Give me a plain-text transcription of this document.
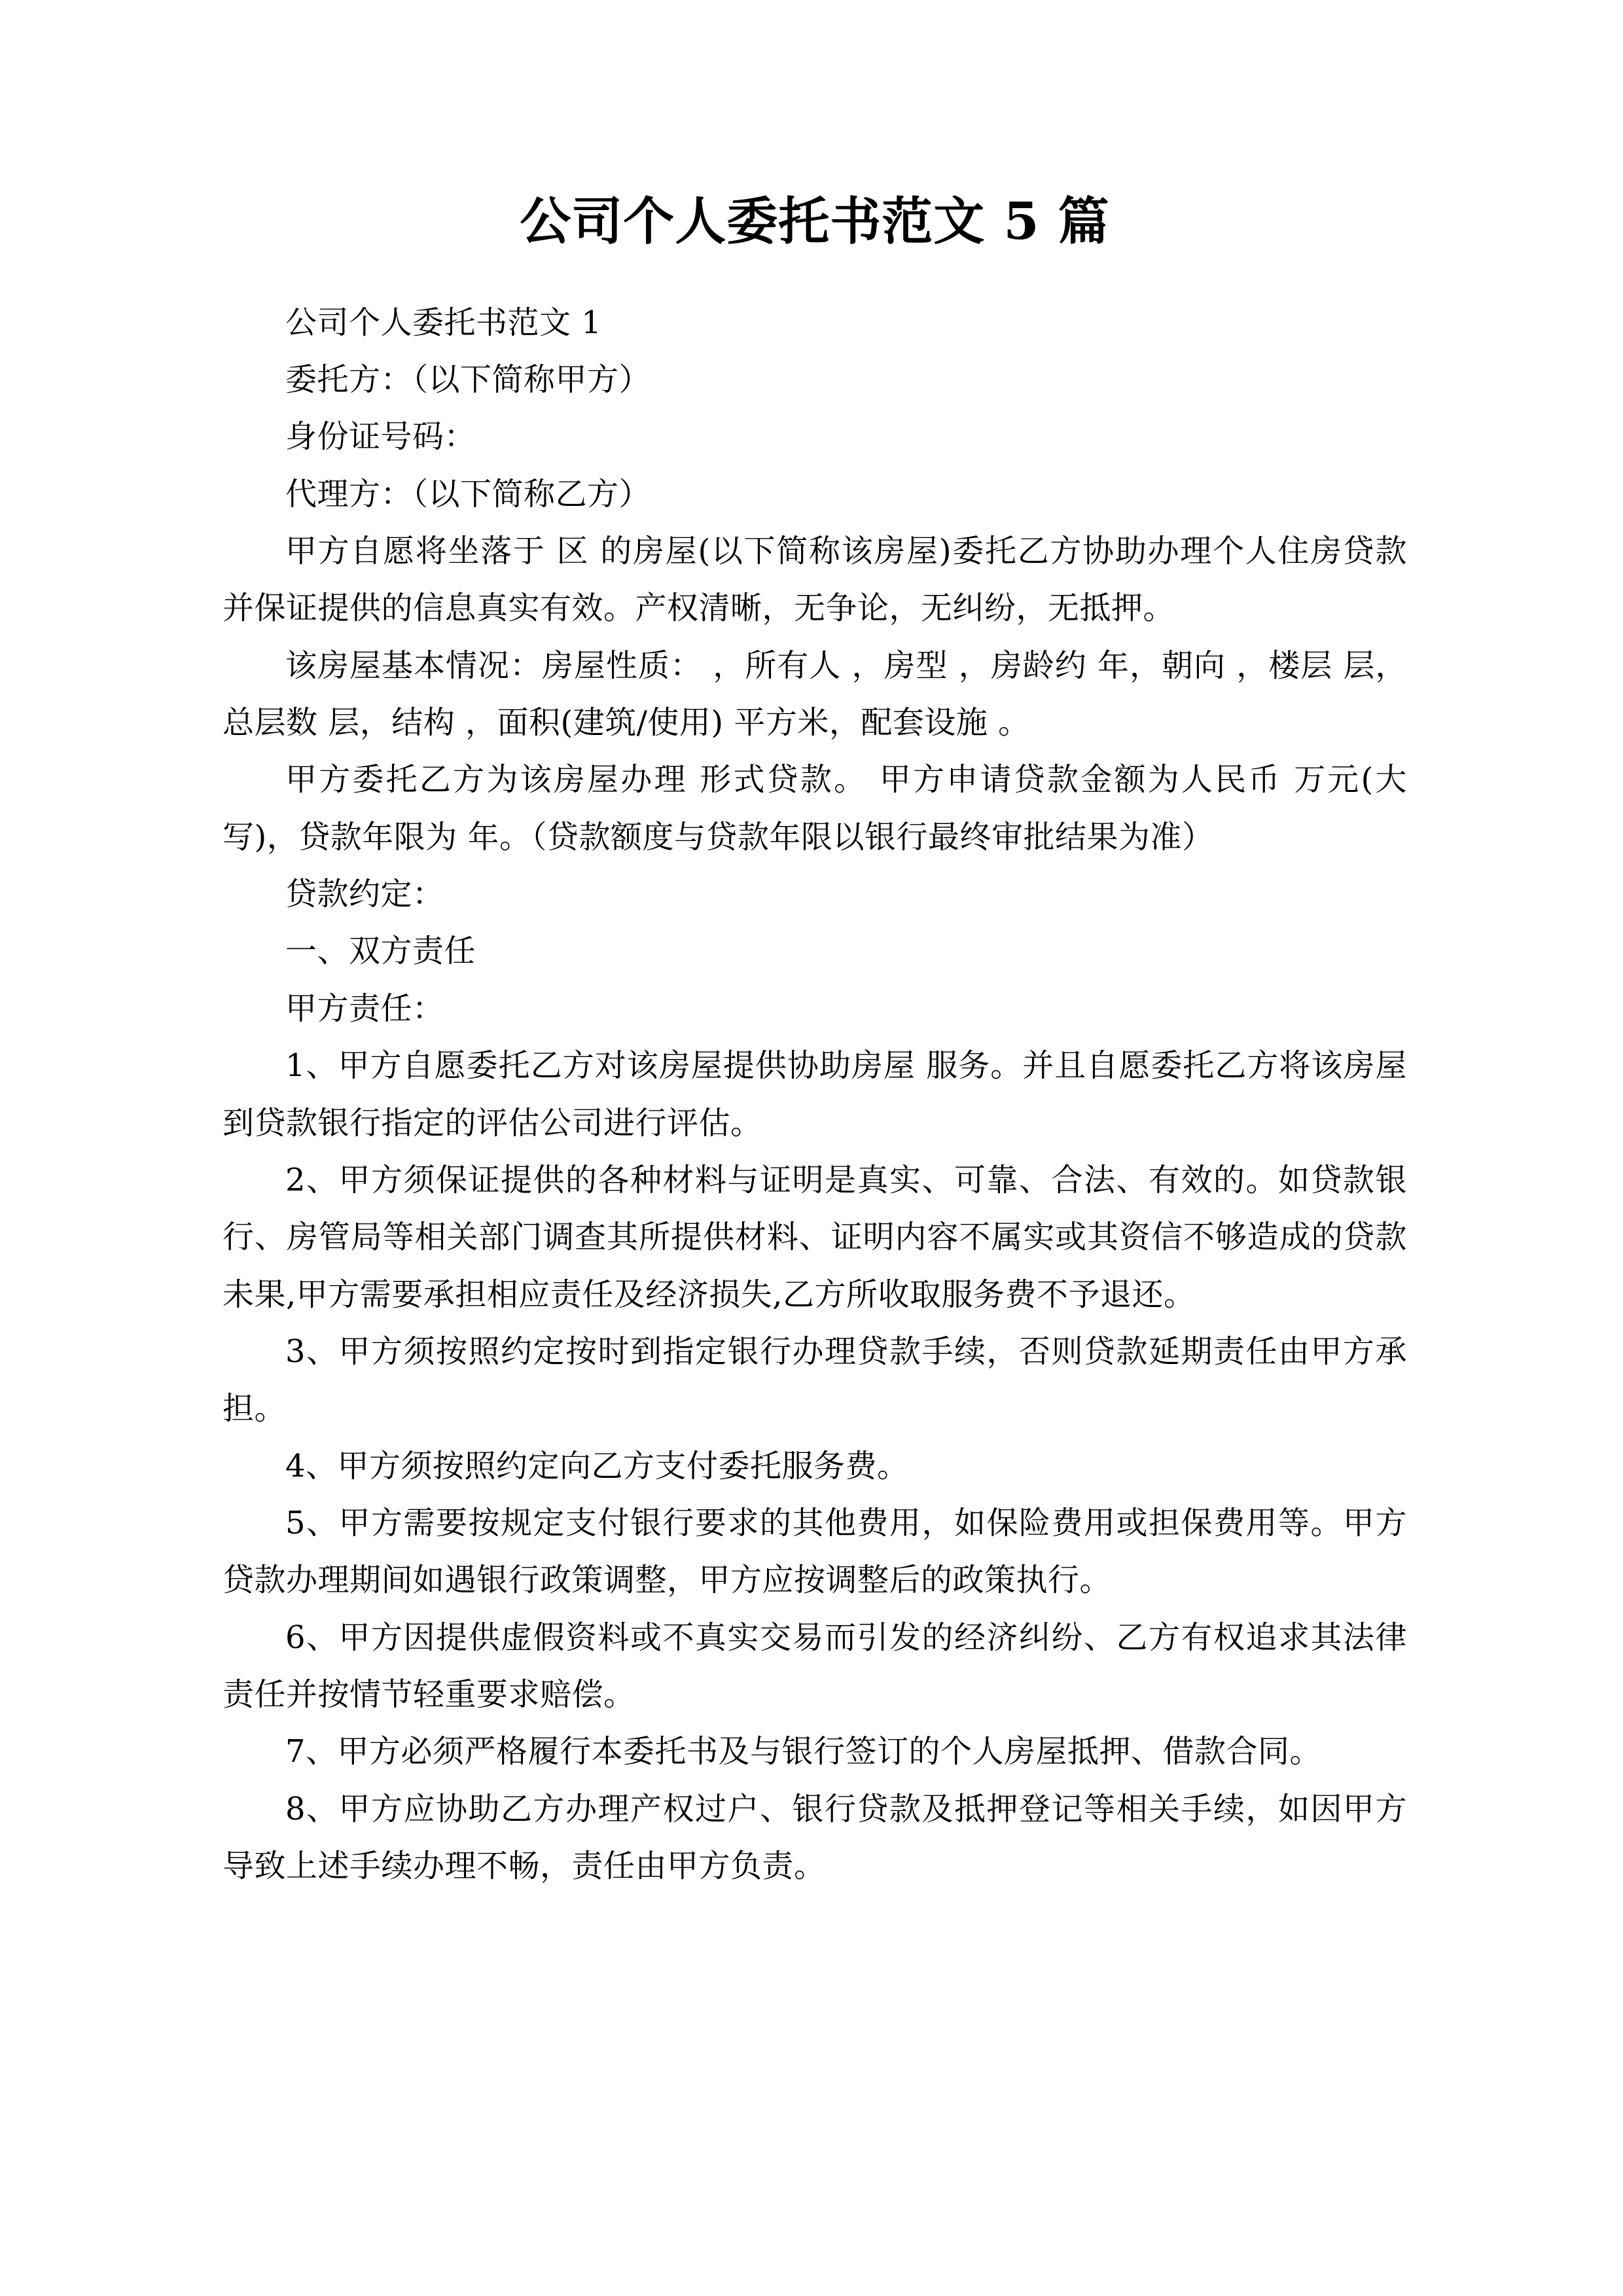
公司个人委托书范文 5 篇

公司个人委托书范文 1

委托方：（以下简称甲方）

身份证号码：

代理方：（以下简称乙方）

甲方自愿将坐落于 区 的房屋(以下简称该房屋)委托乙方协助办理个人住房贷款并保证提供的信息真实有效。产权清晰，无争论，无纠纷，无抵押。

该房屋基本情况：房屋性质： ，所有人 ，房型 ，房龄约 年，朝向 ，楼层 层，总层数 层，结构 ，面积(建筑/使用) 平方米，配套设施 。

甲方委托乙方为该房屋办理 形式贷款。 甲方申请贷款金额为人民币 万元(大写)，贷款年限为 年。（贷款额度与贷款年限以银行最终审批结果为准）

贷款约定：

一、双方责任

甲方责任：

1、甲方自愿委托乙方对该房屋提供协助房屋 服务。并且自愿委托乙方将该房屋到贷款银行指定的评估公司进行评估。

2、甲方须保证提供的各种材料与证明是真实、可靠、合法、有效的。如贷款银行、房管局等相关部门调查其所提供材料、证明内容不属实或其资信不够造成的贷款未果,甲方需要承担相应责任及经济损失,乙方所收取服务费不予退还。

3、甲方须按照约定按时到指定银行办理贷款手续，否则贷款延期责任由甲方承担。

4、甲方须按照约定向乙方支付委托服务费。

5、甲方需要按规定支付银行要求的其他费用，如保险费用或担保费用等。甲方贷款办理期间如遇银行政策调整，甲方应按调整后的政策执行。

6、甲方因提供虚假资料或不真实交易而引发的经济纠纷、乙方有权追求其法律责任并按情节轻重要求赔偿。

7、甲方必须严格履行本委托书及与银行签订的个人房屋抵押、借款合同。

8、甲方应协助乙方办理产权过户、银行贷款及抵押登记等相关手续，如因甲方导致上述手续办理不畅，责任由甲方负责。
